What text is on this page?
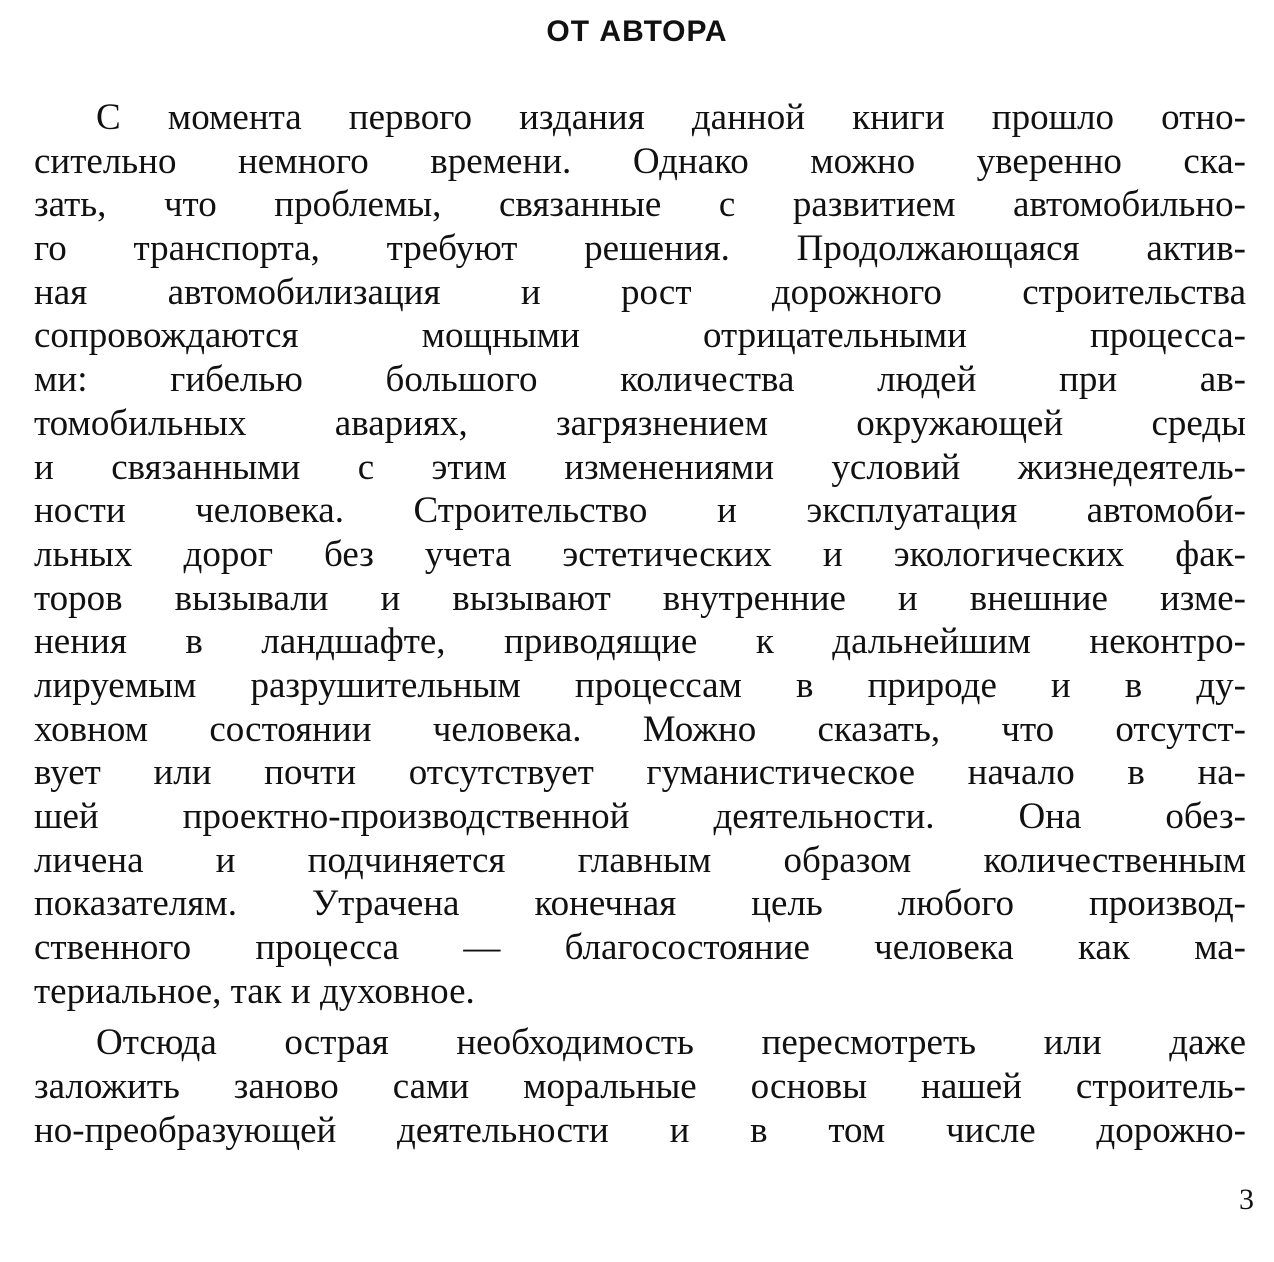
ОТ АВТОРА
С момента первого издания данной книги прошло отно-
сительно немного времени. Однако можно уверенно ска-
зать, что проблемы, связанные с развитием автомобильно-
го транспорта, требуют решения. Продолжающаяся актив-
ная автомобилизация и рост дорожного строительства
сопровождаются мощными отрицательными процесса-
ми: гибелью большого количества людей при ав-
томобильных авариях, загрязнением окружающей среды
и связанными с этим изменениями условий жизнедеятель-
ности человека. Строительство и эксплуатация автомоби-
льных дорог без учета эстетических и экологических фак-
торов вызывали и вызывают внутренние и внешние изме-
нения в ландшафте, приводящие к дальнейшим неконтро-
лируемым разрушительным процессам в природе и в ду-
ховном состоянии человека. Можно сказать, что отсутст-
вует или почти отсутствует гуманистическое начало в на-
шей проектно-производственной деятельности. Она обез-
личена и подчиняется главным образом количественным
показателям. Утрачена конечная цель любого производ-
ственного процесса — благосостояние человека как ма-
териальное, так и духовное.
Отсюда острая необходимость пересмотреть или даже
заложить заново сами моральные основы нашей строитель-
но-преобразующей деятельности и в том числе дорожно-
3
